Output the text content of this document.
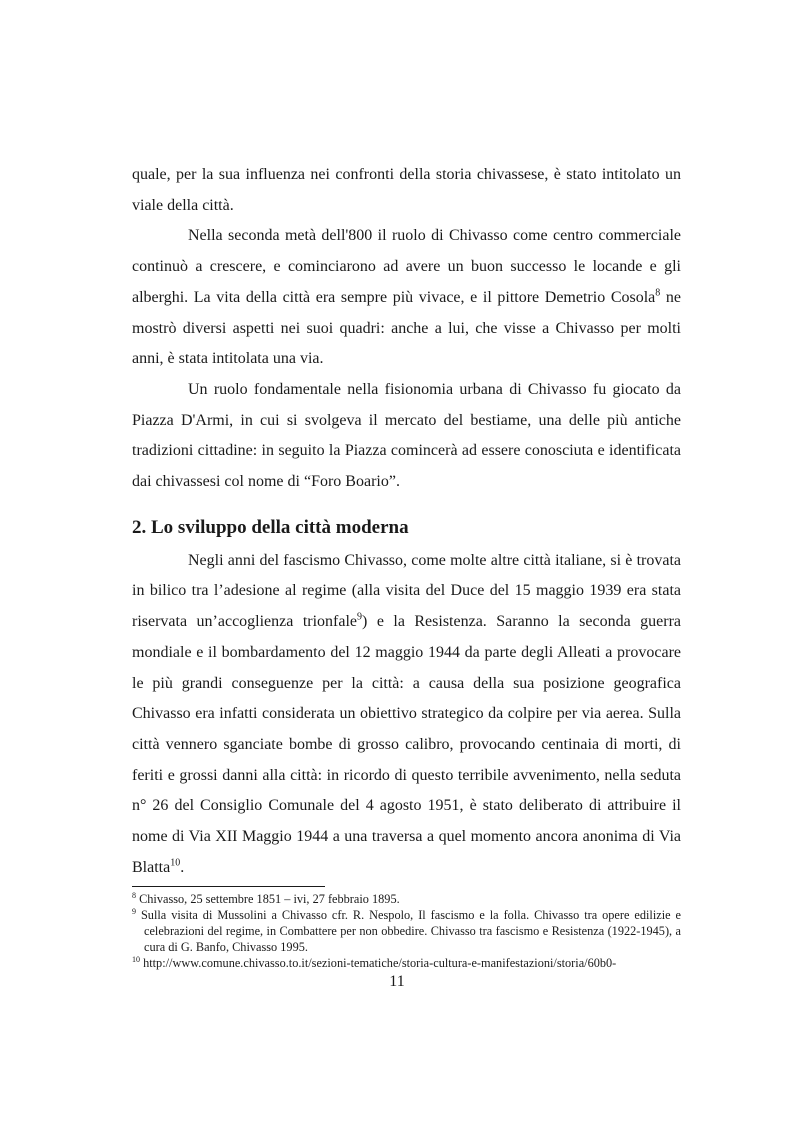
quale, per la sua influenza nei confronti della storia chivassese, è stato intitolato un viale della città.

Nella seconda metà dell'800 il ruolo di Chivasso come centro commerciale continuò a crescere, e cominciarono ad avere un buon successo le locande e gli alberghi. La vita della città era sempre più vivace, e il pittore Demetrio Cosola$^8$ ne mostrò diversi aspetti nei suoi quadri: anche a lui, che visse a Chivasso per molti anni, è stata intitolata una via.

Un ruolo fondamentale nella fisionomia urbana di Chivasso fu giocato da Piazza D'Armi, in cui si svolgeva il mercato del bestiame, una delle più antiche tradizioni cittadine: in seguito la Piazza comincerà ad essere conosciuta e identificata dai chivassesi col nome di “Foro Boario”.

2. Lo sviluppo della città moderna

Negli anni del fascismo Chivasso, come molte altre città italiane, si è trovata in bilico tra l’adesione al regime (alla visita del Duce del 15 maggio 1939 era stata riservata un’accoglienza trionfale$^9$) e la Resistenza. Saranno la seconda guerra mondiale e il bombardamento del 12 maggio 1944 da parte degli Alleati a provocare le più grandi conseguenze per la città: a causa della sua posizione geografica Chivasso era infatti considerata un obiettivo strategico da colpire per via aerea. Sulla città vennero sganciate bombe di grosso calibro, provocando centinaia di morti, di feriti e grossi danni alla città: in ricordo di questo terribile avvenimento, nella seduta n° 26 del Consiglio Comunale del 4 agosto 1951, è stato deliberato di attribuire il nome di Via XII Maggio 1944 a una traversa a quel momento ancora anonima di Via Blatta$^{10}$.

$^8$ Chivasso, 25 settembre 1851 – ivi, 27 febbraio 1895.

$^9$ Sulla visita di Mussolini a Chivasso cfr. R. Nespolo, Il fascismo e la folla. Chivasso tra opere edilizie e celebrazioni del regime, in Combattere per non obbedire. Chivasso tra fascismo e Resistenza (1922-1945), a cura di G. Banfo, Chivasso 1995.

$^{10}$ http://www.comune.chivasso.to.it/sezioni-tematiche/storia-cultura-e-manifestazioni/storia/60b0-

11
